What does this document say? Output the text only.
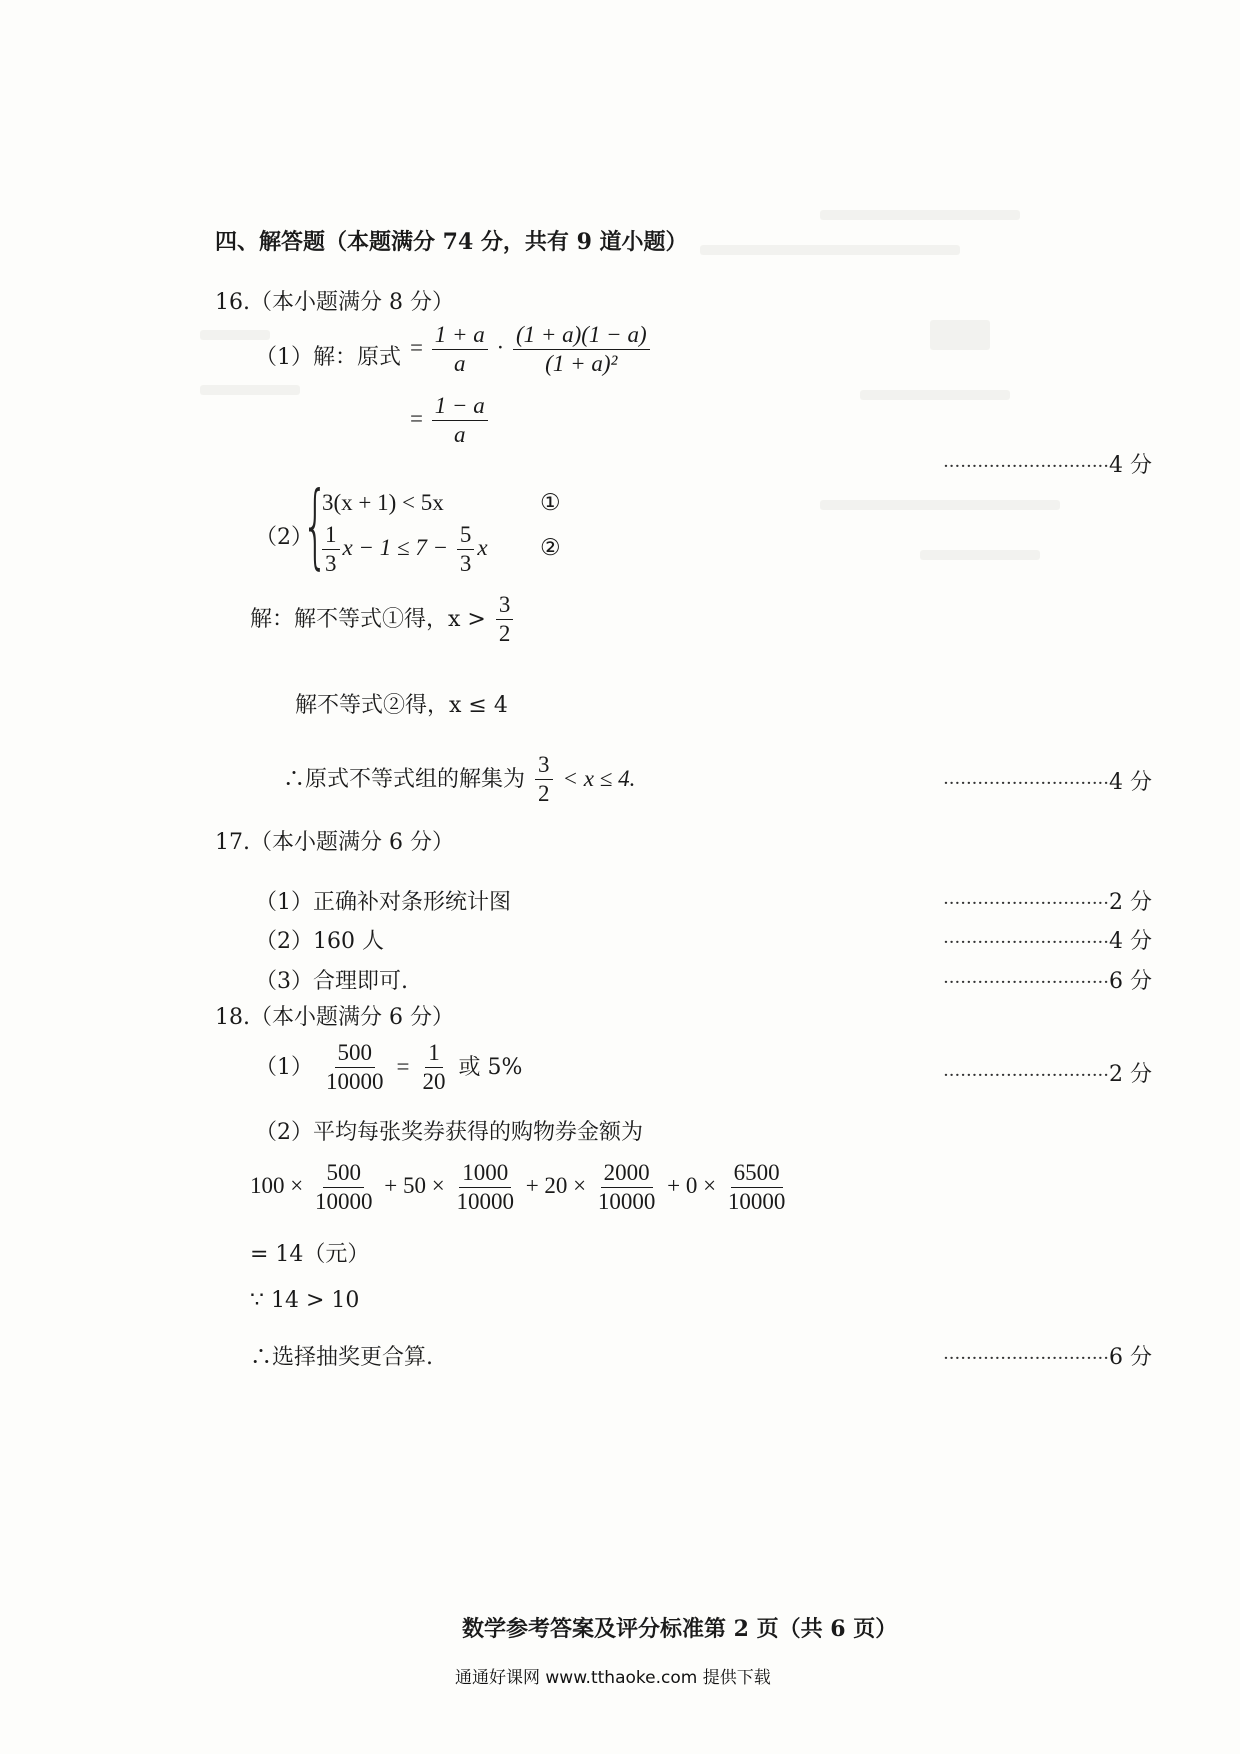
四、解答题（本题满分 74 分，共有 9 道小题）
16.（本小题满分 8 分）
（1）解：原式 = $\frac{1 + a}{a} \cdot \frac{(1 + a)(1 - a)}{\text{(1 + a)²}}$
= $\frac{1 - a}{a}$
·····························4 分
（2）
{
3(x + 1) < 5x	①
$\frac{1}{3}$ $x - 1 \le 7 - \frac{5}{3}$ x ②
解：解不等式①得，$x > \frac{3}{2}$
解不等式②得，x ≤ 4
∴原式不等式组的解集为 $\frac{3}{2} < x \le 4$.	·····························4 分
17.（本小题满分 6 分）
（1）正确补对条形统计图	·····························2 分
（2）160 人	·····························4 分
（3）合理即可.	·····························6 分
18.（本小题满分 6 分）
$(1) \frac{500}{10000} = \frac{1}{20}$ 或 5%	·····························2 分
（2）平均每张奖券获得的购物券金额为
$100 \times \frac{500}{10000} + 50 \times \frac{1000}{10000} + 20 \times \frac{2000}{10000} + 0 \times \frac{6500}{10000}$
= 14（元）
∵ 14 > 10
∴选择抽奖更合算.	·····························6 分
数学参考答案及评分标准第 2 页（共 6 页）
通通好课网 www.tthaoke.com 提供下载
